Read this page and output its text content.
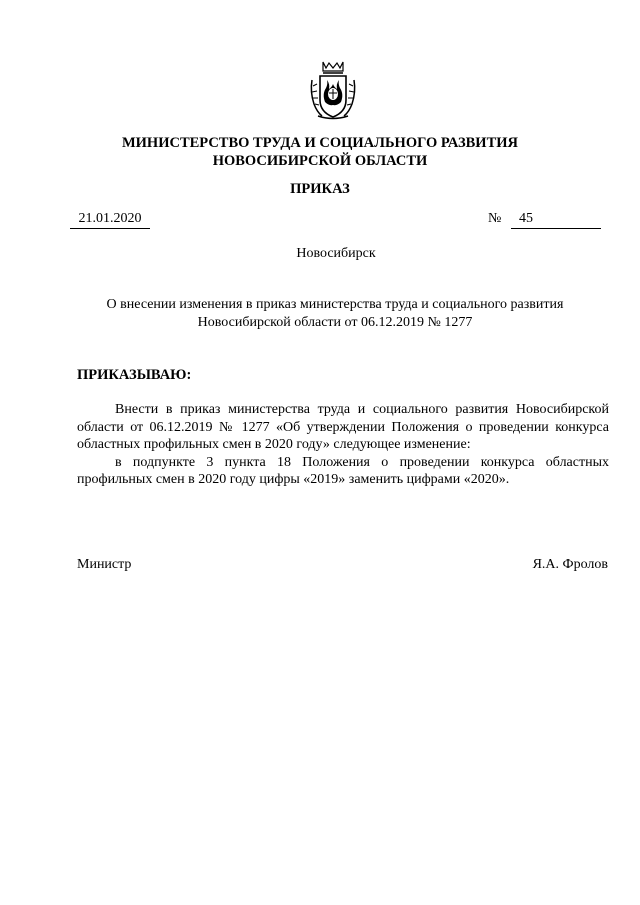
МИНИСТЕРСТВО ТРУДА И СОЦИАЛЬНОГО РАЗВИТИЯ
НОВОСИБИРСКОЙ ОБЛАСТИ
ПРИКАЗ
21.01.2020	№	45
Новосибирск
О внесении изменения в приказ министерства труда и социального развития
Новосибирской области от 06.12.2019 № 1277
ПРИКАЗЫВАЮ:

Внести в приказ министерства труда и социального развития Новосибирской области от 06.12.2019 № 1277 «Об утверждении Положения о проведении конкурса областных профильных смен в 2020 году» следующее изменение:

в подпункте 3 пункта 18 Положения о проведении конкурса областных профильных смен в 2020 году цифры «2019» заменить цифрами «2020».

Министр	Я.А. Фролов
